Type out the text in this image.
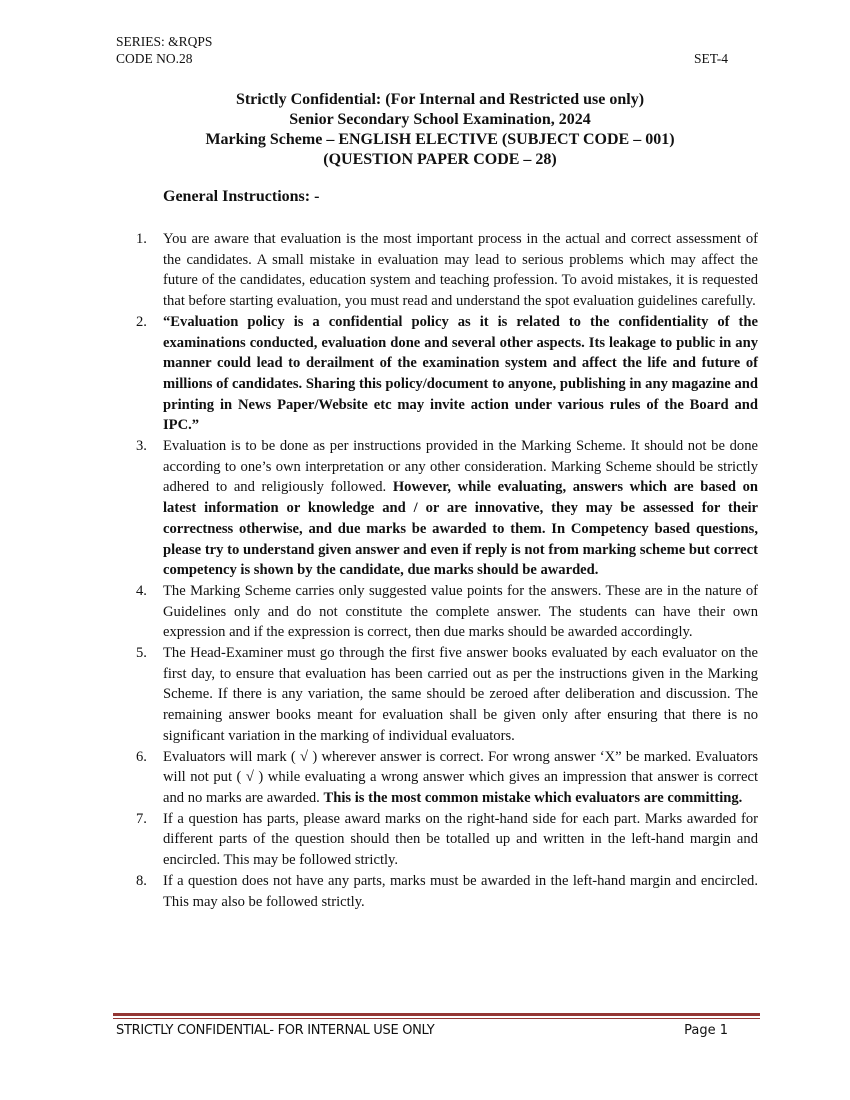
SERIES: &RQPS
CODE NO.28	SET-4
Strictly Confidential: (For Internal and Restricted use only)
Senior Secondary School Examination, 2024
Marking Scheme – ENGLISH ELECTIVE (SUBJECT CODE – 001)
(QUESTION PAPER CODE – 28)
General Instructions: -
1. You are aware that evaluation is the most important process in the actual and correct assessment of the candidates. A small mistake in evaluation may lead to serious problems which may affect the future of the candidates, education system and teaching profession. To avoid mistakes, it is requested that before starting evaluation, you must read and understand the spot evaluation guidelines carefully.
2. “Evaluation policy is a confidential policy as it is related to the confidentiality of the examinations conducted, evaluation done and several other aspects. Its leakage to public in any manner could lead to derailment of the examination system and affect the life and future of millions of candidates. Sharing this policy/document to anyone, publishing in any magazine and printing in News Paper/Website etc may invite action under various rules of the Board and IPC.”
3. Evaluation is to be done as per instructions provided in the Marking Scheme. It should not be done according to one’s own interpretation or any other consideration. Marking Scheme should be strictly adhered to and religiously followed. However, while evaluating, answers which are based on latest information or knowledge and / or are innovative, they may be assessed for their correctness otherwise, and due marks be awarded to them. In Competency based questions, please try to understand given answer and even if reply is not from marking scheme but correct competency is shown by the candidate, due marks should be awarded.
4. The Marking Scheme carries only suggested value points for the answers. These are in the nature of Guidelines only and do not constitute the complete answer. The students can have their own expression and if the expression is correct, then due marks should be awarded accordingly.
5. The Head-Examiner must go through the first five answer books evaluated by each evaluator on the first day, to ensure that evaluation has been carried out as per the instructions given in the Marking Scheme. If there is any variation, the same should be zeroed after deliberation and discussion. The remaining answer books meant for evaluation shall be given only after ensuring that there is no significant variation in the marking of individual evaluators.
6. Evaluators will mark ( √ ) wherever answer is correct. For wrong answer ‘X” be marked. Evaluators will not put ( √ ) while evaluating a wrong answer which gives an impression that answer is correct and no marks are awarded. This is the most common mistake which evaluators are committing.
7. If a question has parts, please award marks on the right-hand side for each part. Marks awarded for different parts of the question should then be totalled up and written in the left-hand margin and encircled. This may be followed strictly.
8. If a question does not have any parts, marks must be awarded in the left-hand margin and encircled. This may also be followed strictly.
STRICTLY CONFIDENTIAL- FOR INTERNAL USE ONLY	Page 1
